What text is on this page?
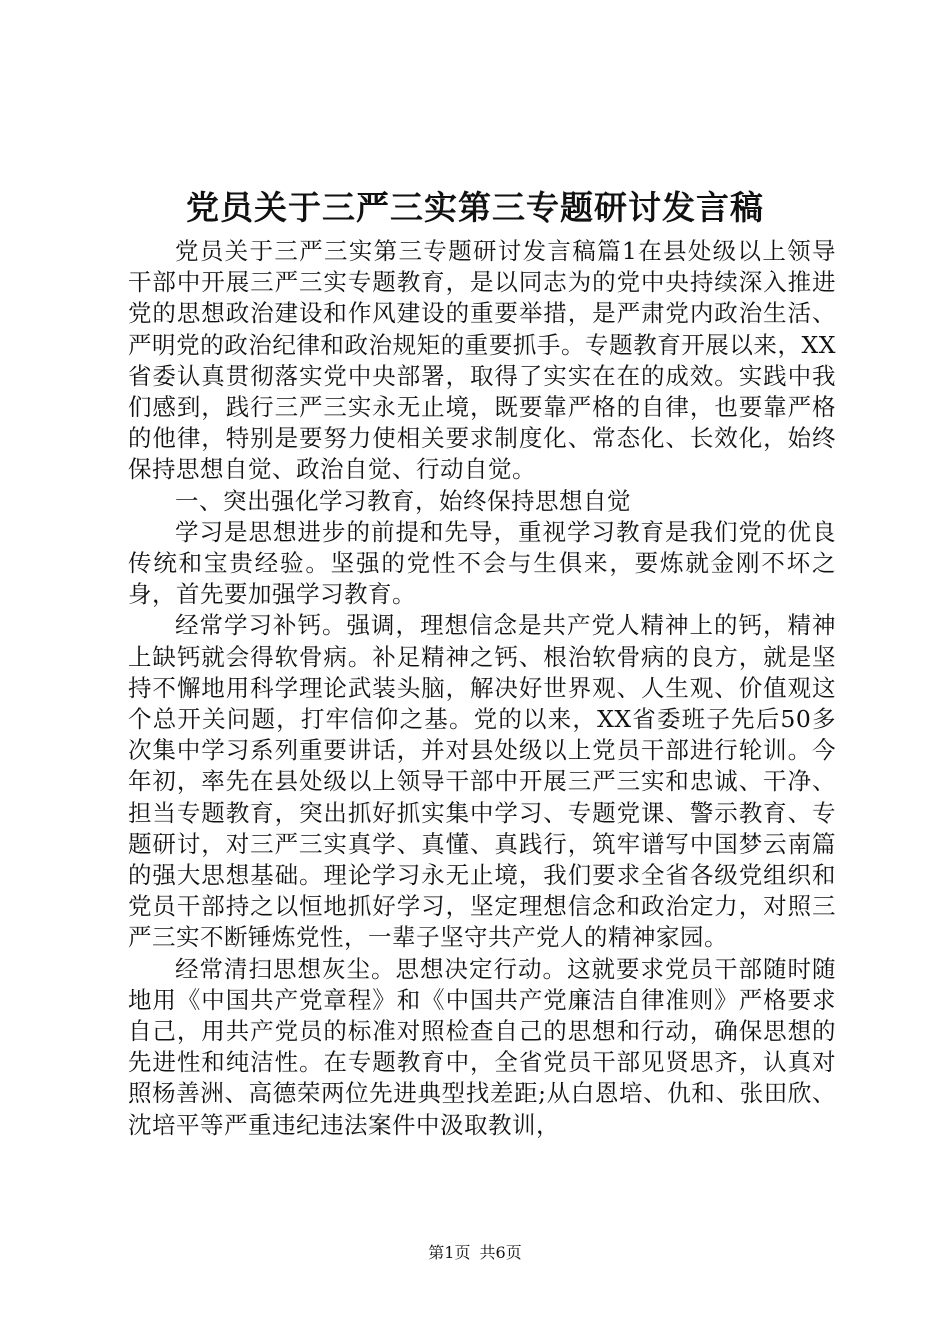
党员关于三严三实第三专题研讨发言稿

党员关于三严三实第三专题研讨发言稿篇1在县处级以上领导干部中开展三严三实专题教育，是以同志为的党中央持续深入推进党的思想政治建设和作风建设的重要举措，是严肃党内政治生活、严明党的政治纪律和政治规矩的重要抓手。专题教育开展以来，XX省委认真贯彻落实党中央部署，取得了实实在在的成效。实践中我们感到，践行三严三实永无止境，既要靠严格的自律，也要靠严格的他律，特别是要努力使相关要求制度化、常态化、长效化，始终保持思想自觉、政治自觉、行动自觉。

一、突出强化学习教育，始终保持思想自觉

学习是思想进步的前提和先导，重视学习教育是我们党的优良传统和宝贵经验。坚强的党性不会与生俱来，要炼就金刚不坏之身，首先要加强学习教育。

经常学习补钙。强调，理想信念是共产党人精神上的钙，精神上缺钙就会得软骨病。补足精神之钙、根治软骨病的良方，就是坚持不懈地用科学理论武装头脑，解决好世界观、人生观、价值观这个总开关问题，打牢信仰之基。党的以来，XX省委班子先后50多次集中学习系列重要讲话，并对县处级以上党员干部进行轮训。今年初，率先在县处级以上领导干部中开展三严三实和忠诚、干净、担当专题教育，突出抓好抓实集中学习、专题党课、警示教育、专题研讨，对三严三实真学、真懂、真践行，筑牢谱写中国梦云南篇的强大思想基础。理论学习永无止境，我们要求全省各级党组织和党员干部持之以恒地抓好学习，坚定理想信念和政治定力，对照三严三实不断锤炼党性，一辈子坚守共产党人的精神家园。

经常清扫思想灰尘。思想决定行动。这就要求党员干部随时随地用《中国共产党章程》和《中国共产党廉洁自律准则》严格要求自己，用共产党员的标准对照检查自己的思想和行动，确保思想的先进性和纯洁性。在专题教育中，全省党员干部见贤思齐，认真对照杨善洲、高德荣两位先进典型找差距;从白恩培、仇和、张田欣、沈培平等严重违纪违法案件中汲取教训，

第1页 共6页
